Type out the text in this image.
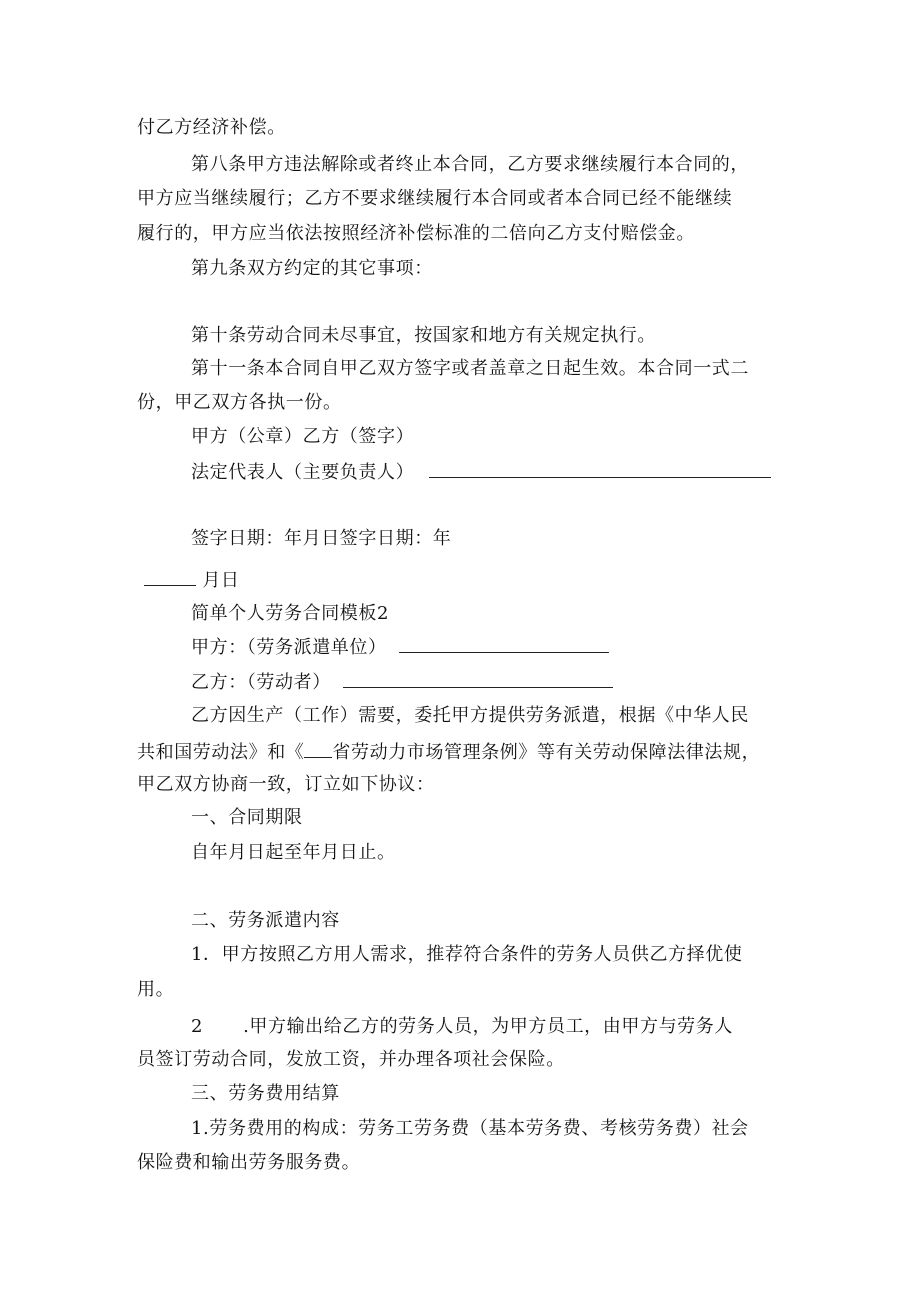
付乙方经济补偿。
第八条甲方违法解除或者终止本合同，乙方要求继续履行本合同的，
甲方应当继续履行；乙方不要求继续履行本合同或者本合同已经不能继续
履行的，甲方应当依法按照经济补偿标准的二倍向乙方支付赔偿金。
第九条双方约定的其它事项：
第十条劳动合同未尽事宜，按国家和地方有关规定执行。
第十一条本合同自甲乙双方签字或者盖章之日起生效。本合同一式二
份，甲乙双方各执一份。
甲方（公章）乙方（签字）
法定代表人（主要负责人）
签字日期：年月日签字日期：年
月日
简单个人劳务合同模板2
甲方：（劳务派遣单位）
乙方：（劳动者）
乙方因生产（工作）需要，委托甲方提供劳务派遣，根据《中华人民
共和国劳动法》和《 省劳动力市场管理条例》等有关劳动保障法律法规，
甲乙双方协商一致，订立如下协议：
一、合同期限
自年月日起至年月日止。
二、劳务派遣内容
1．甲方按照乙方用人需求，推荐符合条件的劳务人员供乙方择优使
用。
2 .甲方输出给乙方的劳务人员，为甲方员工，由甲方与劳务人
员签订劳动合同，发放工资，并办理各项社会保险。
三、劳务费用结算
1.劳务费用的构成：劳务工劳务费（基本劳务费、考核劳务费）社会
保险费和输出劳务服务费。
